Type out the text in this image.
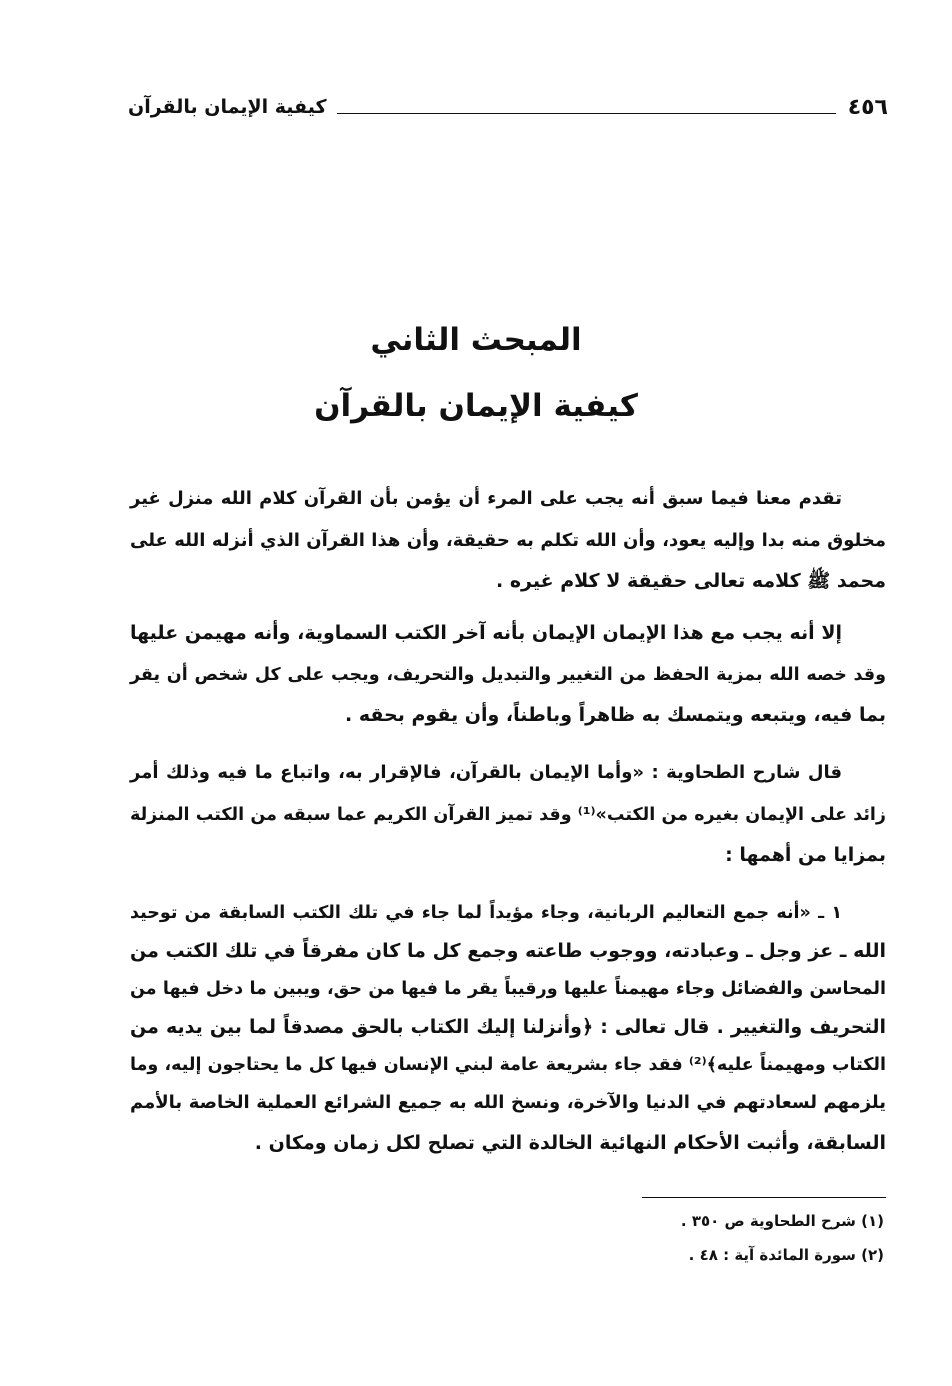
٤٥٦
كيفية الإيمان بالقرآن
المبحث الثاني
كيفية الإيمان بالقرآن
تقدم معنا فيما سبق أنه يجب على المرء أن يؤمن بأن القرآن كلام الله منزل غير
مخلوق منه بدا وإليه يعود، وأن الله تكلم به حقيقة، وأن هذا القرآن الذي أنزله الله على
محمد ﷺ كلامه تعالى حقيقة لا كلام غيره .
إلا أنه يجب مع هذا الإيمان الإيمان بأنه آخر الكتب السماوية، وأنه مهيمن عليها
وقد خصه الله بمزية الحفظ من التغيير والتبديل والتحريف، ويجب على كل شخص أن يقر
بما فيه، ويتبعه ويتمسك به ظاهراً وباطناً، وأن يقوم بحقه .
قال شارح الطحاوية : «وأما الإيمان بالقرآن، فالإقرار به، واتباع ما فيه وذلك أمر
زائد على الإيمان بغيره من الكتب»⁽¹⁾ وقد تميز القرآن الكريم عما سبقه من الكتب المنزلة
بمزايا من أهمها :
١ ـ «أنه جمع التعاليم الربانية، وجاء مؤيداً لما جاء في تلك الكتب السابقة من توحيد
الله ـ عز وجل ـ وعبادته، ووجوب طاعته وجمع كل ما كان مفرقاً في تلك الكتب من
المحاسن والفضائل وجاء مهيمناً عليها ورقيباً يقر ما فيها من حق، ويبين ما دخل فيها من
التحريف والتغيير . قال تعالى : ﴿وأنزلنا إليك الكتاب بالحق مصدقاً لما بين يديه من
الكتاب ومهيمناً عليه﴾⁽²⁾ فقد جاء بشريعة عامة لبني الإنسان فيها كل ما يحتاجون إليه، وما
يلزمهم لسعادتهم في الدنيا والآخرة، ونسخ الله به جميع الشرائع العملية الخاصة بالأمم
السابقة، وأثبت الأحكام النهائية الخالدة التي تصلح لكل زمان ومكان .
(١) شرح الطحاوية ص ٣٥٠ .
(٢) سورة المائدة آية : ٤٨ .
